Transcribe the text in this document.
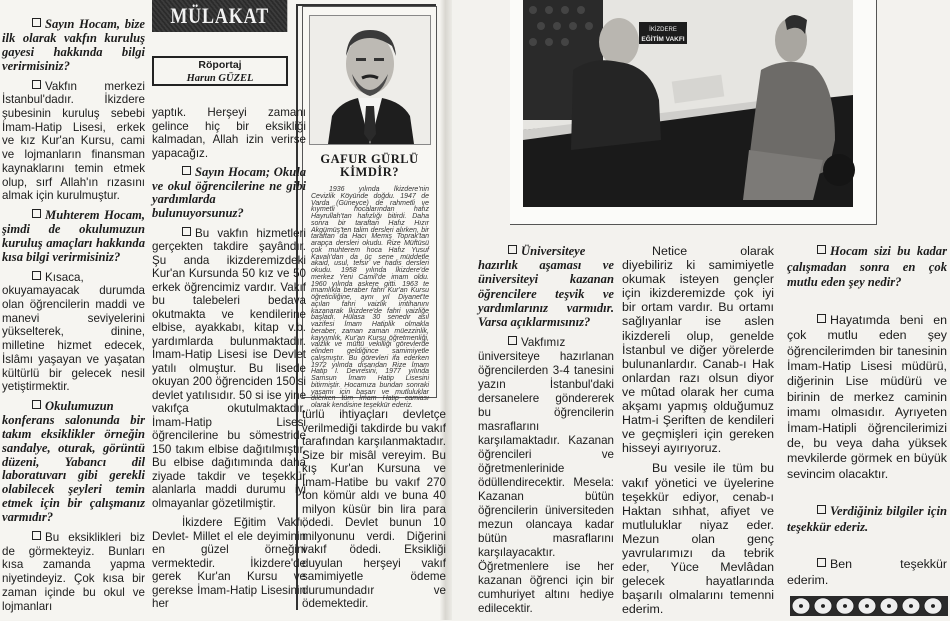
MÜLAKAT
Röportaj
Harun GÜZEL
GAFUR GÜRLÜ
KİMDİR?
1936 yılında İkizdere'nin Cevizlik Köyünde doğdu. 1947 de Varda (Güneyce) de rahmetli ve kıymetli hocalarından hafız Hayrullah'tan hafızlığı bitirdi. Daha sonra bir taraftan Hafız Hızır Akgümüş'ten talim dersleri alırken, bir taraftan da Hacı Memiş Toprak'tan arapça dersleri okudu. Rize Müftüsü çok muhterem hoca Hafız Yusuf Kavalı'dan da üç sene müddetle akaid, usul, tefsir ve hadis dersleri okudu. 1958 yılında İkizdere'de merkez Yeni Camiî'de imam oldu. 1960 yılında askere gitti. 1963 te imamlıkla beraber fahri Kur'an Kursu öğreticiliğine, aynı yıl Diyanet'te açılan fahri vaizlik imtihanını kazanarak İkizdere'de fahri vaizliğe başladı. Hülasa 30 senedir asıl vazifesi İmam Hatiplik olmakla beraber, zaman zaman müezzinlik, kayyımlık, Kur'an Kursu öğretmenliği, vaizlik ve müftü vekilliği görevlerde elinden geldiğince samimiyetle çalışmıştır. Bu görevleri ifa ederken 1972 yılında dışarıdan Rize İmam Hatip I. Devresini, 1977 yılında Samsun İmam Hatip Lisesini bitirmiştir. Hocamıza bundan sonraki yaşamı için başarı ve mutluluklar dilerken tüm İmam Hatip camiası olarak kendisine teşekkür ederiz.
İKİZDERE
EĞİTİM VAKFI

Sayın Hocam, bize ilk olarak vakfın kuruluş gayesi hakkında bilgi verirmisiniz?

Vakfın merkezi İstanbul'dadır. İkizdere şubesinin kuruluş sebebi İmam-Hatip Lisesi, erkek ve kız Kur'an Kursu, cami ve lojmanların finansman kaynaklarını temin etmek olup, sırf Allah'ın rızasını almak için kurulmuştur.

Muhterem Hocam, şimdi de okulumuzun kuruluş amaçları hakkında kısa bilgi verirmisiniz?

Kısaca, okuyamayacak durumda olan öğrencilerin maddi ve manevi seviyelerini yükselterek, dinine, milletine hizmet edecek, İslâmı yaşayan ve yaşatan kültürlü bir gelecek nesil yetiştirmektir.

Okulumuzun konferans salonunda bir takım eksiklikler örneğin sandalye, oturak, görüntü düzeni, Yabancı dil laboratuvarı gibi gerekli olabilecek şeyleri temin etmek için bir çalışmanız varmıdır?

Bu eksiklikleri biz de görmekteyiz. Bunları kısa zamanda yapma niyetindeyiz. Çok kısa bir zaman içinde bu okul ve lojmanları

yaptık. Herşeyi zamanı gelince hiç bir eksikliği kalmadan, Allah izin verirse yapacağız.

Sayın Hocam; Okula ve okul öğrencilerine ne gibi yardımlarda bulunuyorsunuz?

Bu vakfın hizmetleri gerçekten takdire şayândır. Şu anda ikizderemizdeki Kur'an Kursunda 50 kız ve 50 erkek öğrencimiz vardır. Vakıf bu talebeleri bedava okutmakta ve kendilerine elbise, ayakkabı, kitap v.b. yardımlarda bulunmaktadır. İmam-Hatip Lisesi ise Devlet yatılı olmuştur. Bu lisede okuyan 200 öğrenciden 150'si devlet yatılısıdır. 50 si ise yine vakıfça okutulmaktadır. İmam-Hatip Lisesi öğrencilerine bu sömestride 150 takım elbise dağıtılmıştır. Bu elbise dağıtımında daha ziyade takdir ve teşekkür alanlarla maddi durumu iyi olmayanlar gözetilmiştir.

İkizdere Eğitim Vakfı, Devlet- Millet el ele deyiminin en güzel örneğini vermektedir. İkizdere'de gerek Kur'an Kursu ve gerekse İmam-Hatip Lisesinin her

türlü ihtiyaçları devletçe verilmediği takdirde bu vakıf tarafından karşılanmaktadır. Size bir misâl vereyim. Bu kış Kur'an Kursuna ve İmam-Hatibe bu vakıf 270 ton kömür aldı ve buna 40 milyon küsür bin lira para ödedi. Devlet bunun 10 milyonunu verdi. Diğerini vakıf ödedi. Eksikliği duyulan herşeyi vakıf samimiyetle ödeme durumundadır ve ödemektedir.

Üniversiteye hazırlık aşaması ve üniversiteyi kazanan öğrencilere teşvik ve yardımlarınız varmıdır. Varsa açıklarmısınız?

Vakfımız üniversiteye hazırlanan öğrencilerden 3-4 tanesini yazın İstanbul'daki dersanelere göndererek bu öğrencilerin masraflarını karşılamaktadır. Kazanan öğrencileri ve öğretmenlerinide ödüllendirecektir. Mesela: Kazanan bütün öğrencilerin üniversiteden mezun olancaya kadar bütün masraflarını karşılayacaktır. Öğretmenlere ise her kazanan öğrenci için bir cumhuriyet altını hediye edilecektir.

Netice olarak diyebiliriz ki samimiyetle okumak isteyen gençler için ikizderemizde çok iyi bir ortam vardır. Bu ortamı sağlıyanlar ise aslen ikizdereli olup, genelde İstanbul ve diğer yörelerde bulunanlardır. Canab-ı Hak onlardan razı olsun diyor ve mûtad olarak her cuma akşamı yapmış olduğumuz Hatm-i Şeriften de kendileri ve geçmişleri için gereken hisseyi ayırıyoruz.

Bu vesile ile tüm bu vakıf yönetici ve üyelerine teşekkür ediyor, cenab-ı Haktan sıhhat, afiyet ve mutluluklar niyaz eder. Mezun olan genç yavrularımızı da tebrik eder, Yüce Mevlâdan gelecek hayatlarında başarılı olmalarını temenni ederim.

Hocam sizi bu kadar çalışmadan sonra en çok mutlu eden şey nedir?

Hayatımda beni en çok mutlu eden şey öğrencilerimden bir tanesinin İmam-Hatip Lisesi müdürü, diğerinin Lise müdürü ve birinin de merkez caminin imamı olmasıdır. Ayrıyeten İmam-Hatipli öğrencilerimizi de, bu veya daha yüksek mevkilerde görmek en büyük sevincim olacaktır.

Verdiğiniz bilgiler için teşekkür ederiz.

Ben teşekkür ederim.
